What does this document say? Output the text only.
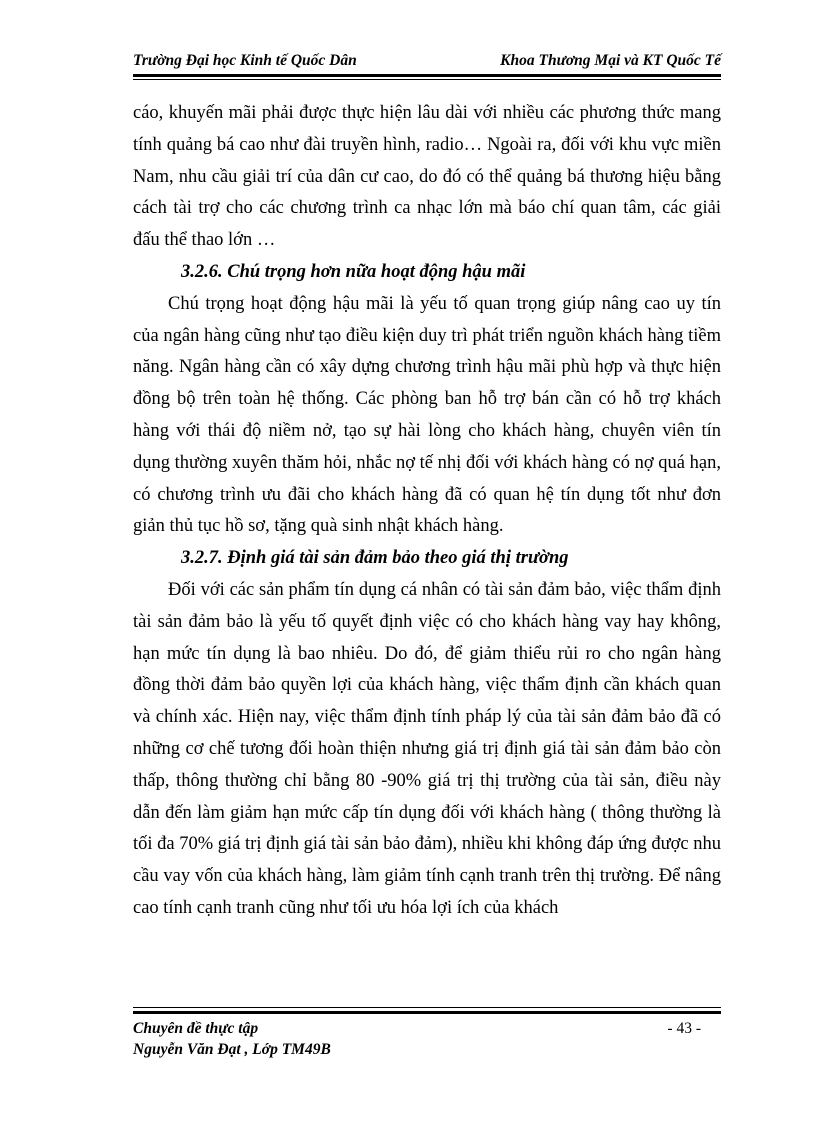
Trường Đại học Kinh tế Quốc Dân	Khoa Thương Mại và KT Quốc Tế

cáo, khuyến mãi phải được thực hiện lâu dài với nhiều các phương thức mang tính quảng bá cao như đài truyền hình, radio… Ngoài ra, đối với khu vực miền Nam, nhu cầu giải trí của dân cư cao, do đó có thể quảng bá thương hiệu bằng cách tài trợ cho các chương trình ca nhạc lớn mà báo chí quan tâm, các giải đấu thể thao lớn …

3.2.6. Chú trọng hơn nữa hoạt động hậu mãi

Chú trọng hoạt động hậu mãi là yếu tố quan trọng giúp nâng cao uy tín của ngân hàng cũng như tạo điều kiện duy trì phát triển nguồn khách hàng tiềm năng. Ngân hàng cần có xây dựng chương trình hậu mãi phù hợp và thực hiện đồng bộ trên toàn hệ thống. Các phòng ban hỗ trợ bán cần có hỗ trợ khách hàng với thái độ niềm nở, tạo sự hài lòng cho khách hàng, chuyên viên tín dụng thường xuyên thăm hỏi, nhắc nợ tế nhị đối với khách hàng có nợ quá hạn, có chương trình ưu đãi cho khách hàng đã có quan hệ tín dụng tốt như đơn giản thủ tục hồ sơ, tặng quà sinh nhật khách hàng.

3.2.7. Định giá tài sản đảm bảo theo giá thị trường

Đối với các sản phẩm tín dụng cá nhân có tài sản đảm bảo, việc thẩm định tài sản đảm bảo là yếu tố quyết định việc có cho khách hàng vay hay không, hạn mức tín dụng là bao nhiêu. Do đó, để giảm thiểu rủi ro cho ngân hàng đồng thời đảm bảo quyền lợi của khách hàng, việc thẩm định cần khách quan và chính xác. Hiện nay, việc thẩm định tính pháp lý của tài sản đảm bảo đã có những cơ chế tương đối hoàn thiện nhưng giá trị định giá tài sản đảm bảo còn thấp, thông thường chỉ bằng 80 -90% giá trị thị trường của tài sản, điều này dẫn đến làm giảm hạn mức cấp tín dụng đối với khách hàng ( thông thường là tối đa 70% giá trị định giá tài sản bảo đảm), nhiều khi không đáp ứng được nhu cầu vay vốn của khách hàng, làm giảm tính cạnh tranh trên thị trường. Để nâng cao tính cạnh tranh cũng như tối ưu hóa lợi ích của khách

Chuyên đề thực tập	- 43 -
Nguyễn Văn Đạt , Lớp TM49B
